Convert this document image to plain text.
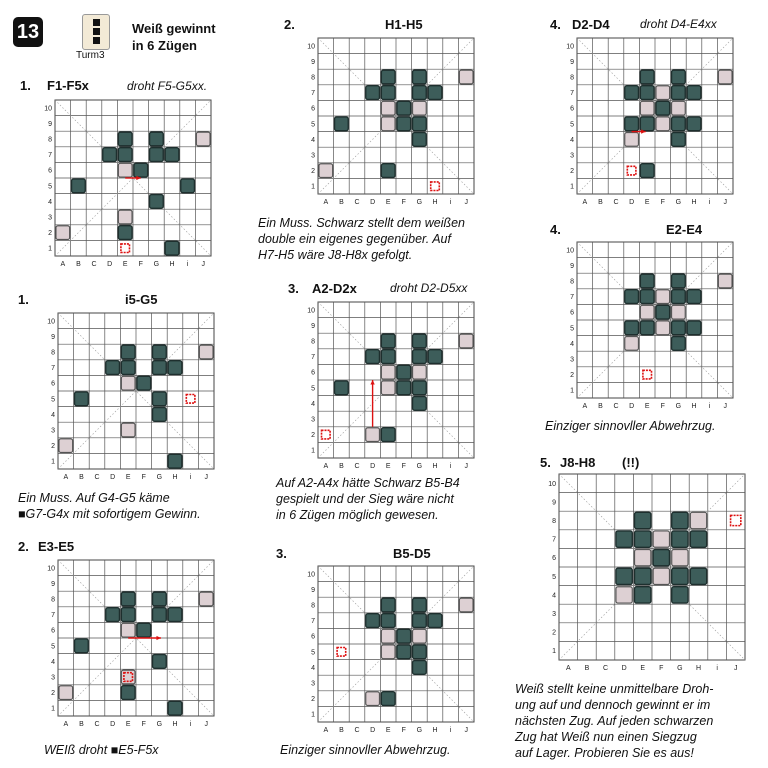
13
Turm3
Weiß gewinnt
in 6 Zügen
1. F1-F5x	droht F5-G5xx.
A B C D E F G H i J
1
2
3
4
5
6
7
8
9
10
2.	H1-H5
A B C D E F G H i J
1
2
3
4
5
6
7
8
9
10
Ein Muss. Schwarz stellt dem weißen
double ein eigenes gegenüber. Auf
H7-H5 wäre J8-H8x gefolgt.
4. D2-D4	droht D4-E4xx
A B C D E F G H i J
1
2
3
4
5
6
7
8
9
10
1.	i5-G5
A B C D E F G H i J
1
2
3
4
5
6
7
8
9
10
Ein Muss. Auf G4-G5 käme
■G7-G4x mit sofortigem Gewinn.
3. A2-D2x	droht D2-D5xx
A B C D E F G H i J
1
2
3
4
5
6
7
8
9
10
Auf A2-A4x hätte Schwarz B5-B4
gespielt und der Sieg wäre nicht
in 6 Zügen möglich gewesen.
4.	E2-E4
A B C D E F G H i J
1
2
3
4
5
6
7
8
9
10
Einziger sinnovller Abwehrzug.
2. E3-E5
A B C D E F G H i J
1
2
3
4
5
6
7
8
9
10
WEIß droht ■E5-F5x
3.	B5-D5
A B C D E F G H i J
1
2
3
4
5
6
7
8
9
10
Einziger sinnovller Abwehrzug.
5. J8-H8 (!!)
A B C D E F G H i J
1
2
3
4
5
6
7
8
9
10
Weiß stellt keine unmittelbare Droh-
ung auf und dennoch gewinnt er im
nächsten Zug. Auf jeden schwarzen
Zug hat Weiß nun einen Siegzug
auf Lager. Probieren Sie es aus!
